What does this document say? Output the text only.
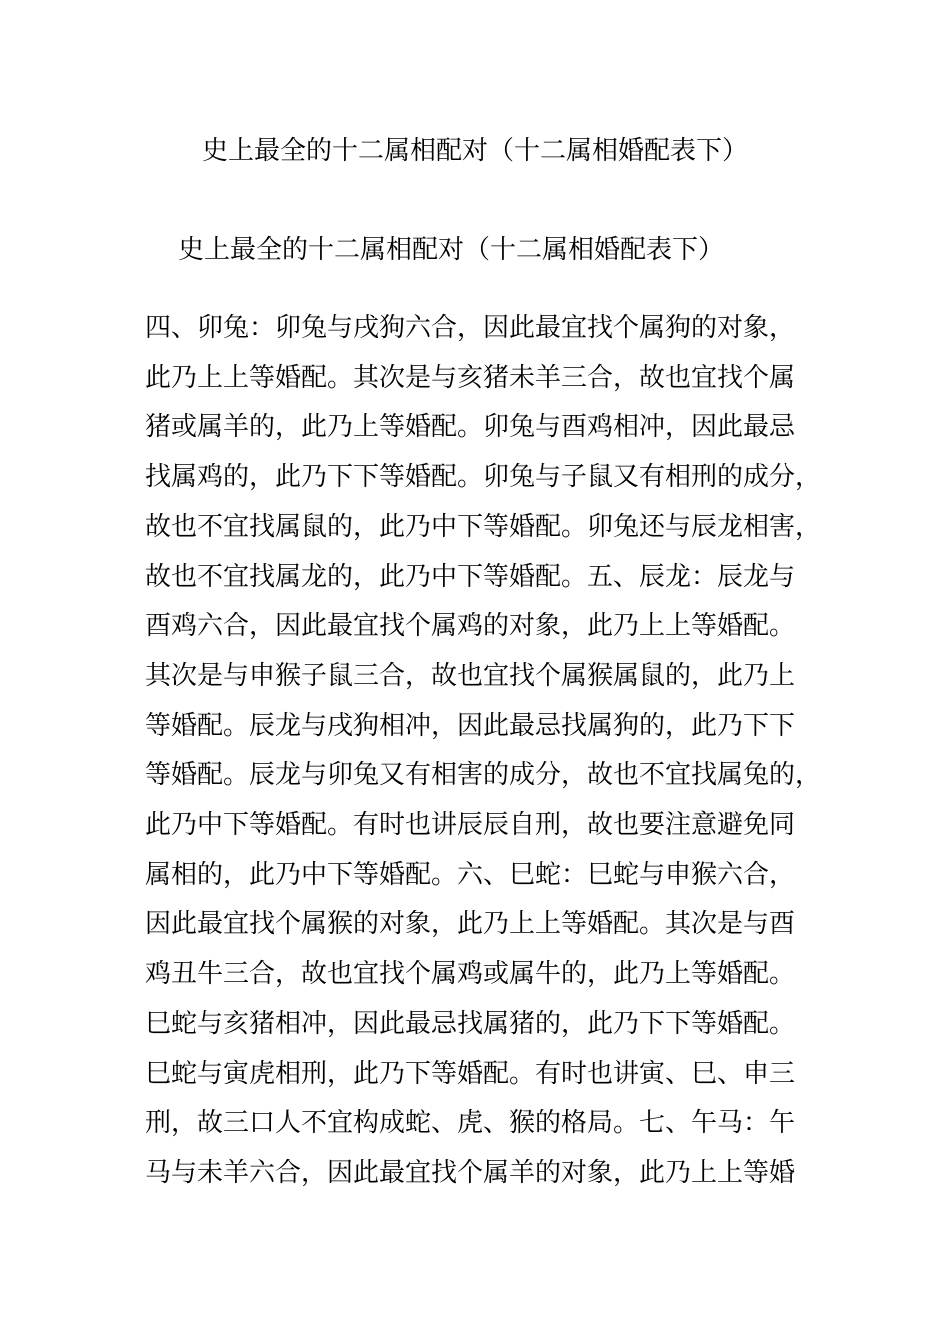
史上最全的十二属相配对（十二属相婚配表下）
史上最全的十二属相配对（十二属相婚配表下）
四、卯兔：卯兔与戌狗六合，因此最宜找个属狗的对象，
此乃上上等婚配。其次是与亥猪未羊三合，故也宜找个属
猪或属羊的，此乃上等婚配。卯兔与酉鸡相冲，因此最忌
找属鸡的，此乃下下等婚配。卯兔与子鼠又有相刑的成分，
故也不宜找属鼠的，此乃中下等婚配。卯兔还与辰龙相害，
故也不宜找属龙的，此乃中下等婚配。五、辰龙：辰龙与
酉鸡六合，因此最宜找个属鸡的对象，此乃上上等婚配。
其次是与申猴子鼠三合，故也宜找个属猴属鼠的，此乃上
等婚配。辰龙与戌狗相冲，因此最忌找属狗的，此乃下下
等婚配。辰龙与卯兔又有相害的成分，故也不宜找属兔的，
此乃中下等婚配。有时也讲辰辰自刑，故也要注意避免同
属相的，此乃中下等婚配。六、巳蛇：巳蛇与申猴六合，
因此最宜找个属猴的对象，此乃上上等婚配。其次是与酉
鸡丑牛三合，故也宜找个属鸡或属牛的，此乃上等婚配。
巳蛇与亥猪相冲，因此最忌找属猪的，此乃下下等婚配。
巳蛇与寅虎相刑，此乃下等婚配。有时也讲寅、巳、申三
刑，故三口人不宜构成蛇、虎、猴的格局。七、午马：午
马与未羊六合，因此最宜找个属羊的对象，此乃上上等婚
